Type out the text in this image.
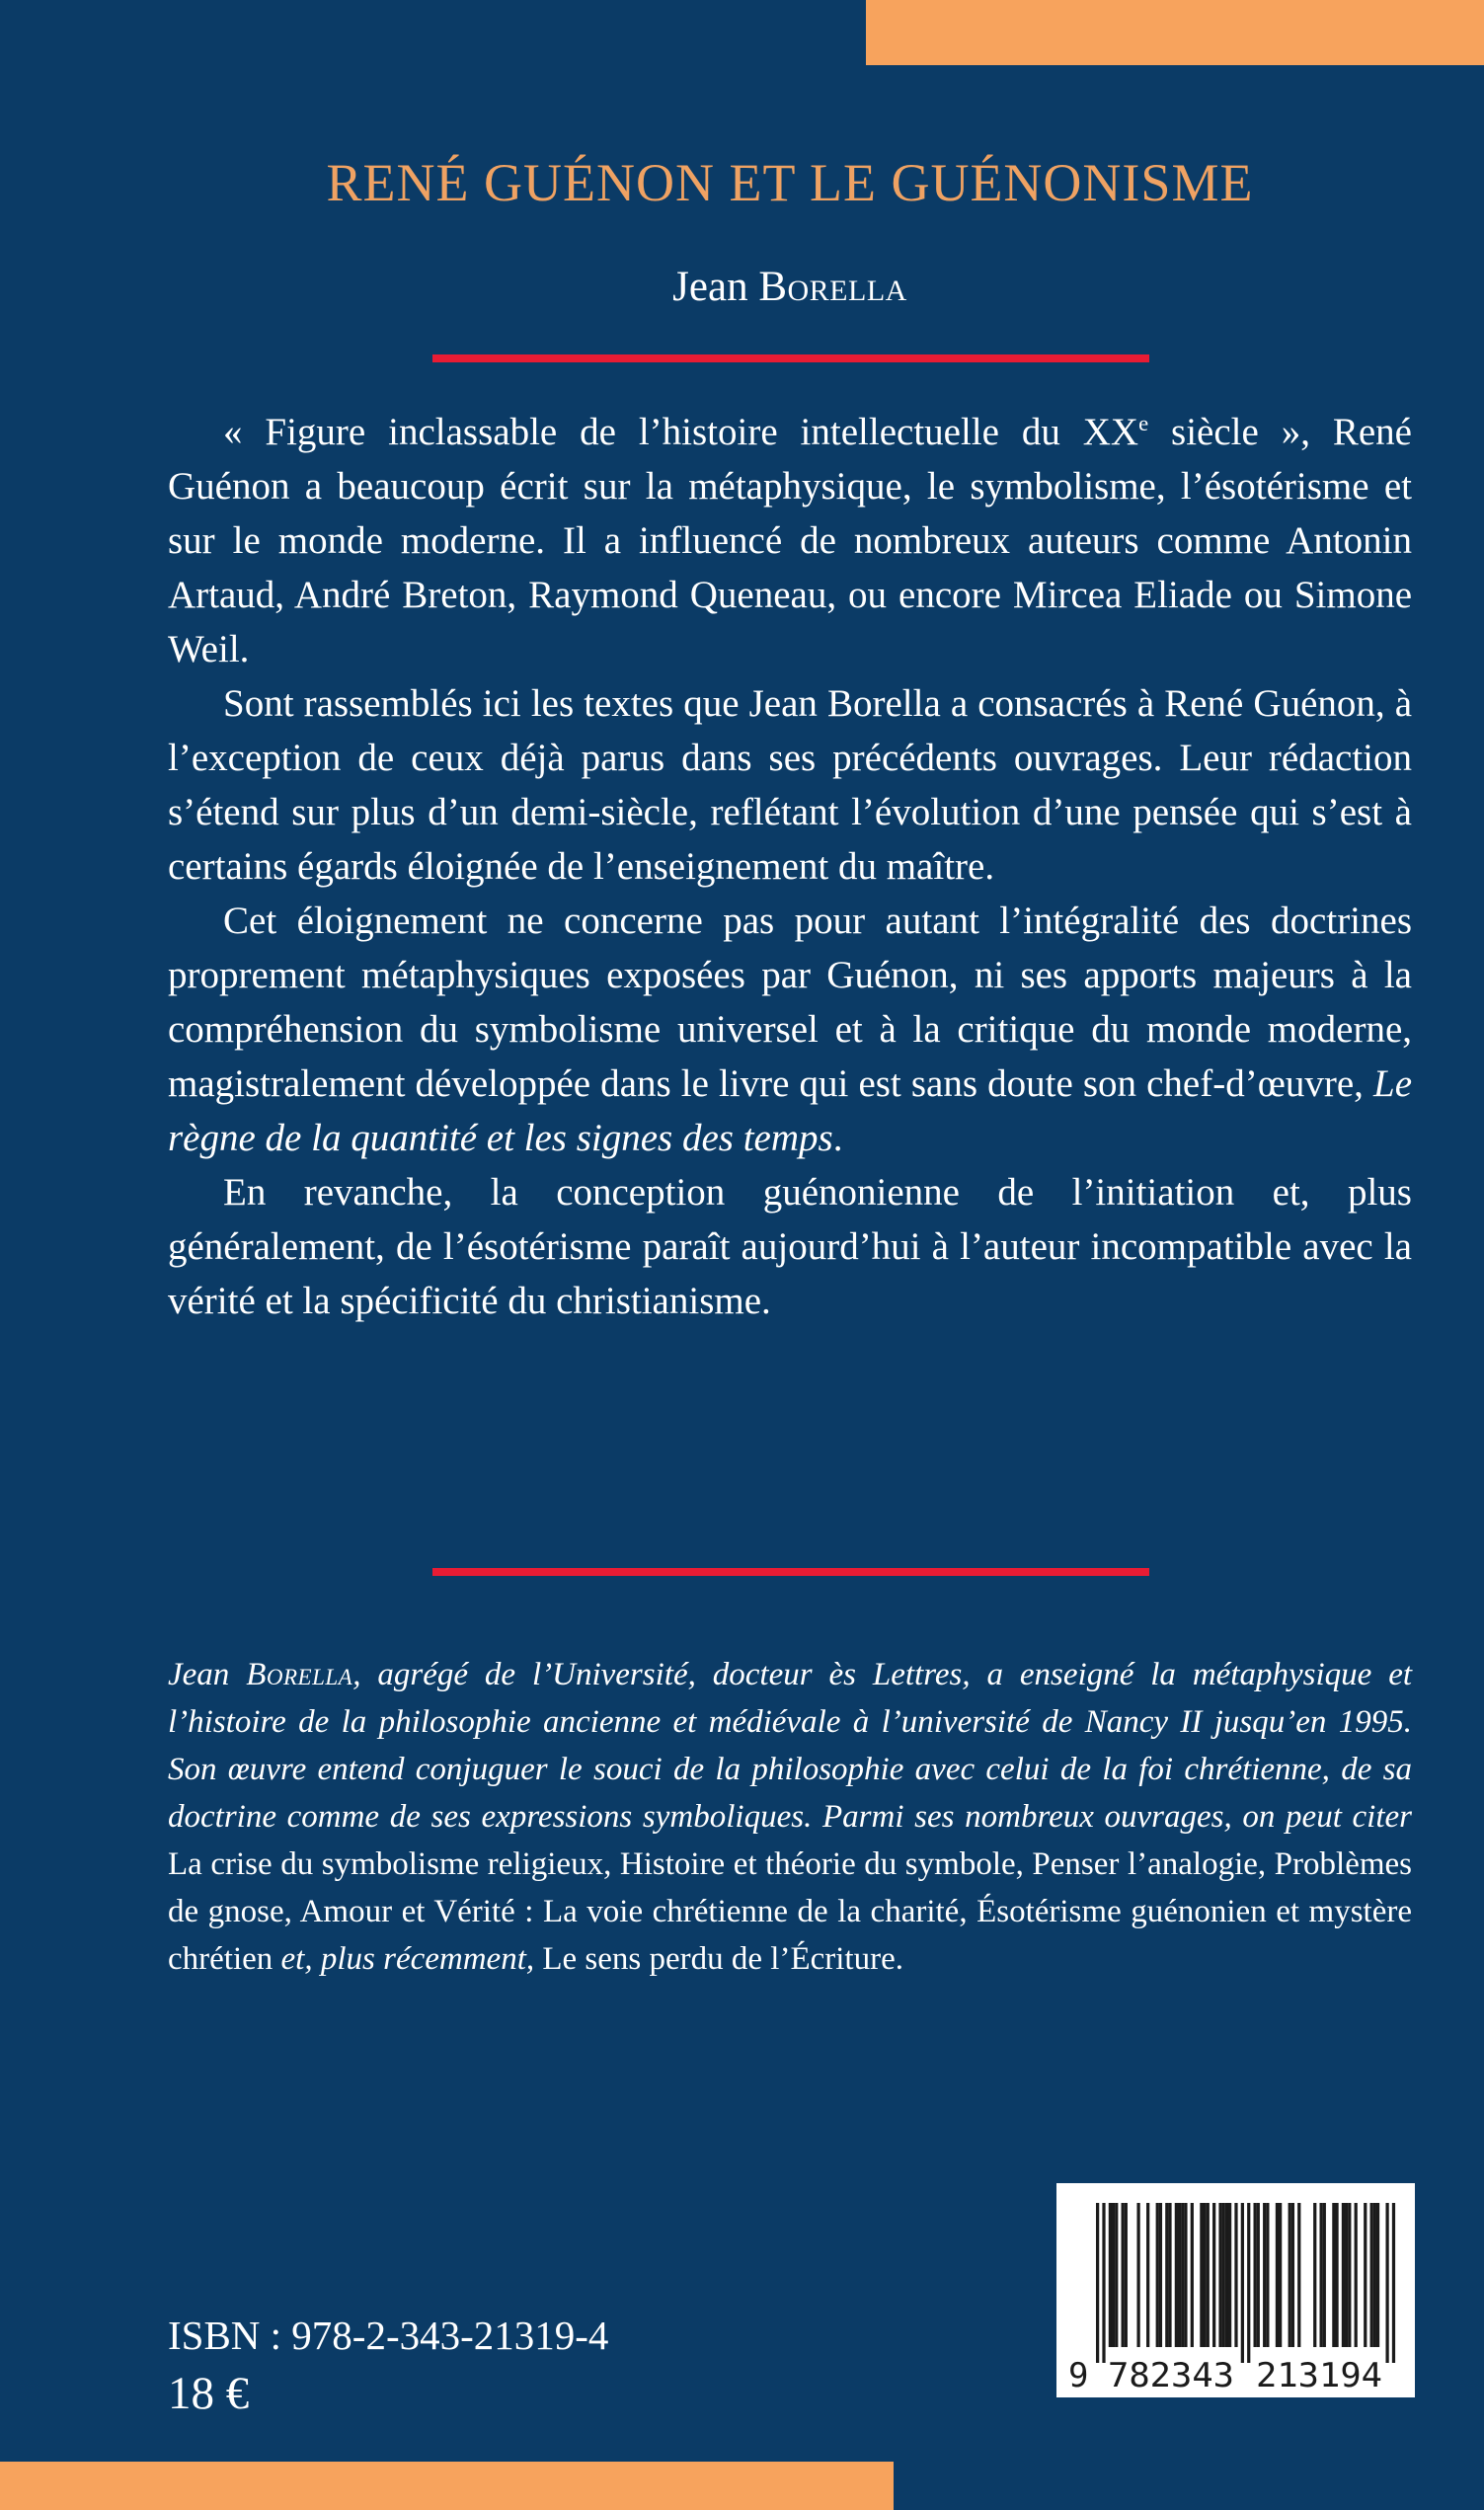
RENÉ GUÉNON ET LE GUÉNONISME
Jean Borella

« Figure inclassable de l’histoire intellectuelle du XXe siècle », René Guénon a beaucoup écrit sur la métaphysique, le symbolisme, l’ésotérisme et sur le monde moderne. Il a influencé de nombreux auteurs comme Antonin Artaud, André Breton, Raymond Queneau, ou encore Mircea Eliade ou Simone Weil.

Sont rassemblés ici les textes que Jean Borella a consacrés à René Guénon, à l’exception de ceux déjà parus dans ses précédents ouvrages. Leur rédaction s’étend sur plus d’un demi-siècle, reflétant l’évolution d’une pensée qui s’est à certains égards éloignée de l’enseignement du maître.

Cet éloignement ne concerne pas pour autant l’intégralité des doctrines proprement métaphysiques exposées par Guénon, ni ses apports majeurs à la compréhension du symbolisme universel et à la critique du monde moderne, magistralement développée dans le livre qui est sans doute son chef-d’œuvre, Le règne de la quantité et les signes des temps.

En revanche, la conception guénonienne de l’initiation et, plus généralement, de l’ésotérisme paraît aujourd’hui à l’auteur incompatible avec la vérité et la spécificité du christianisme.

Jean Borella, agrégé de l’Université, docteur ès Lettres, a enseigné la métaphysique et l’histoire de la philosophie ancienne et médiévale à l’université de Nancy II jusqu’en 1995. Son œuvre entend conjuguer le souci de la philosophie avec celui de la foi chrétienne, de sa doctrine comme de ses expressions symboliques. Parmi ses nombreux ouvrages, on peut citer La crise du symbolisme religieux, Histoire et théorie du symbole, Penser l’analogie, Problèmes de gnose, Amour et Vérité : La voie chrétienne de la charité, Ésotérisme guénonien et mystère chrétien et, plus récemment, Le sens perdu de l’Écriture.

ISBN : 978-2-343-21319-4
18 €	9 782343 213194
